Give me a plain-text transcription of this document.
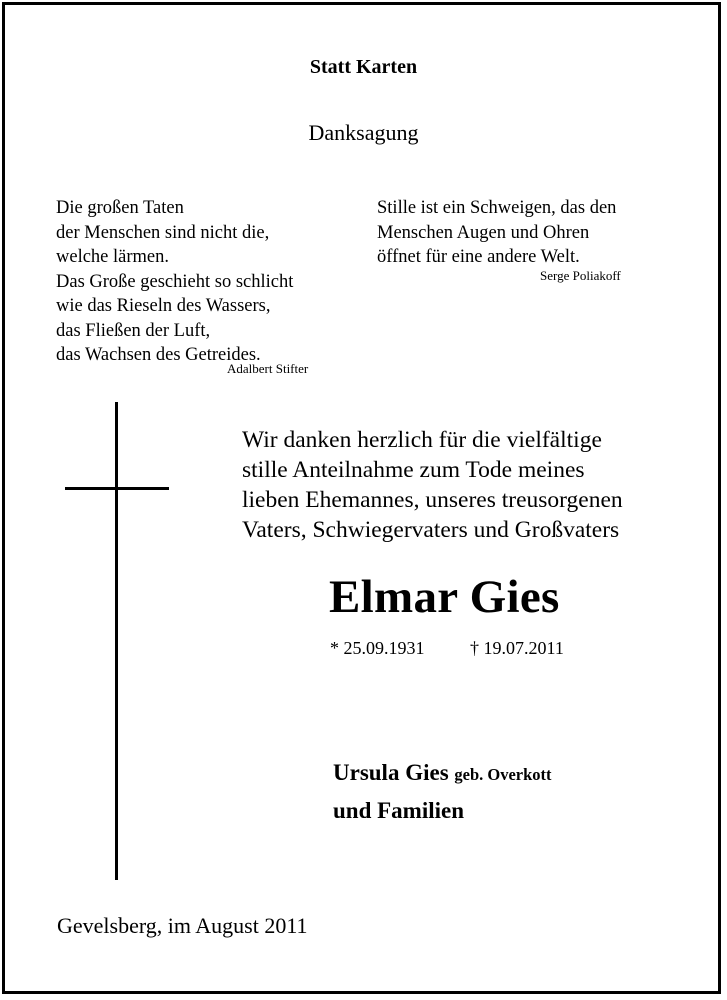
Statt Karten
Danksagung
Die großen Taten
der Menschen sind nicht die,
welche lärmen.
Das Große geschieht so schlicht
wie das Rieseln des Wassers,
das Fließen der Luft,
das Wachsen des Getreides.
Adalbert Stifter
Stille ist ein Schweigen, das den
Menschen Augen und Ohren
öffnet für eine andere Welt.
Serge Poliakoff
Wir danken herzlich für die vielfältige
stille Anteilnahme zum Tode meines
lieben Ehemannes, unseres treusorgenen
Vaters, Schwiegervaters und Großvaters
Elmar Gies
* 25.09.1931	† 19.07.2011
Ursula Gies geb. Overkott
und Familien
Gevelsberg, im August 2011
